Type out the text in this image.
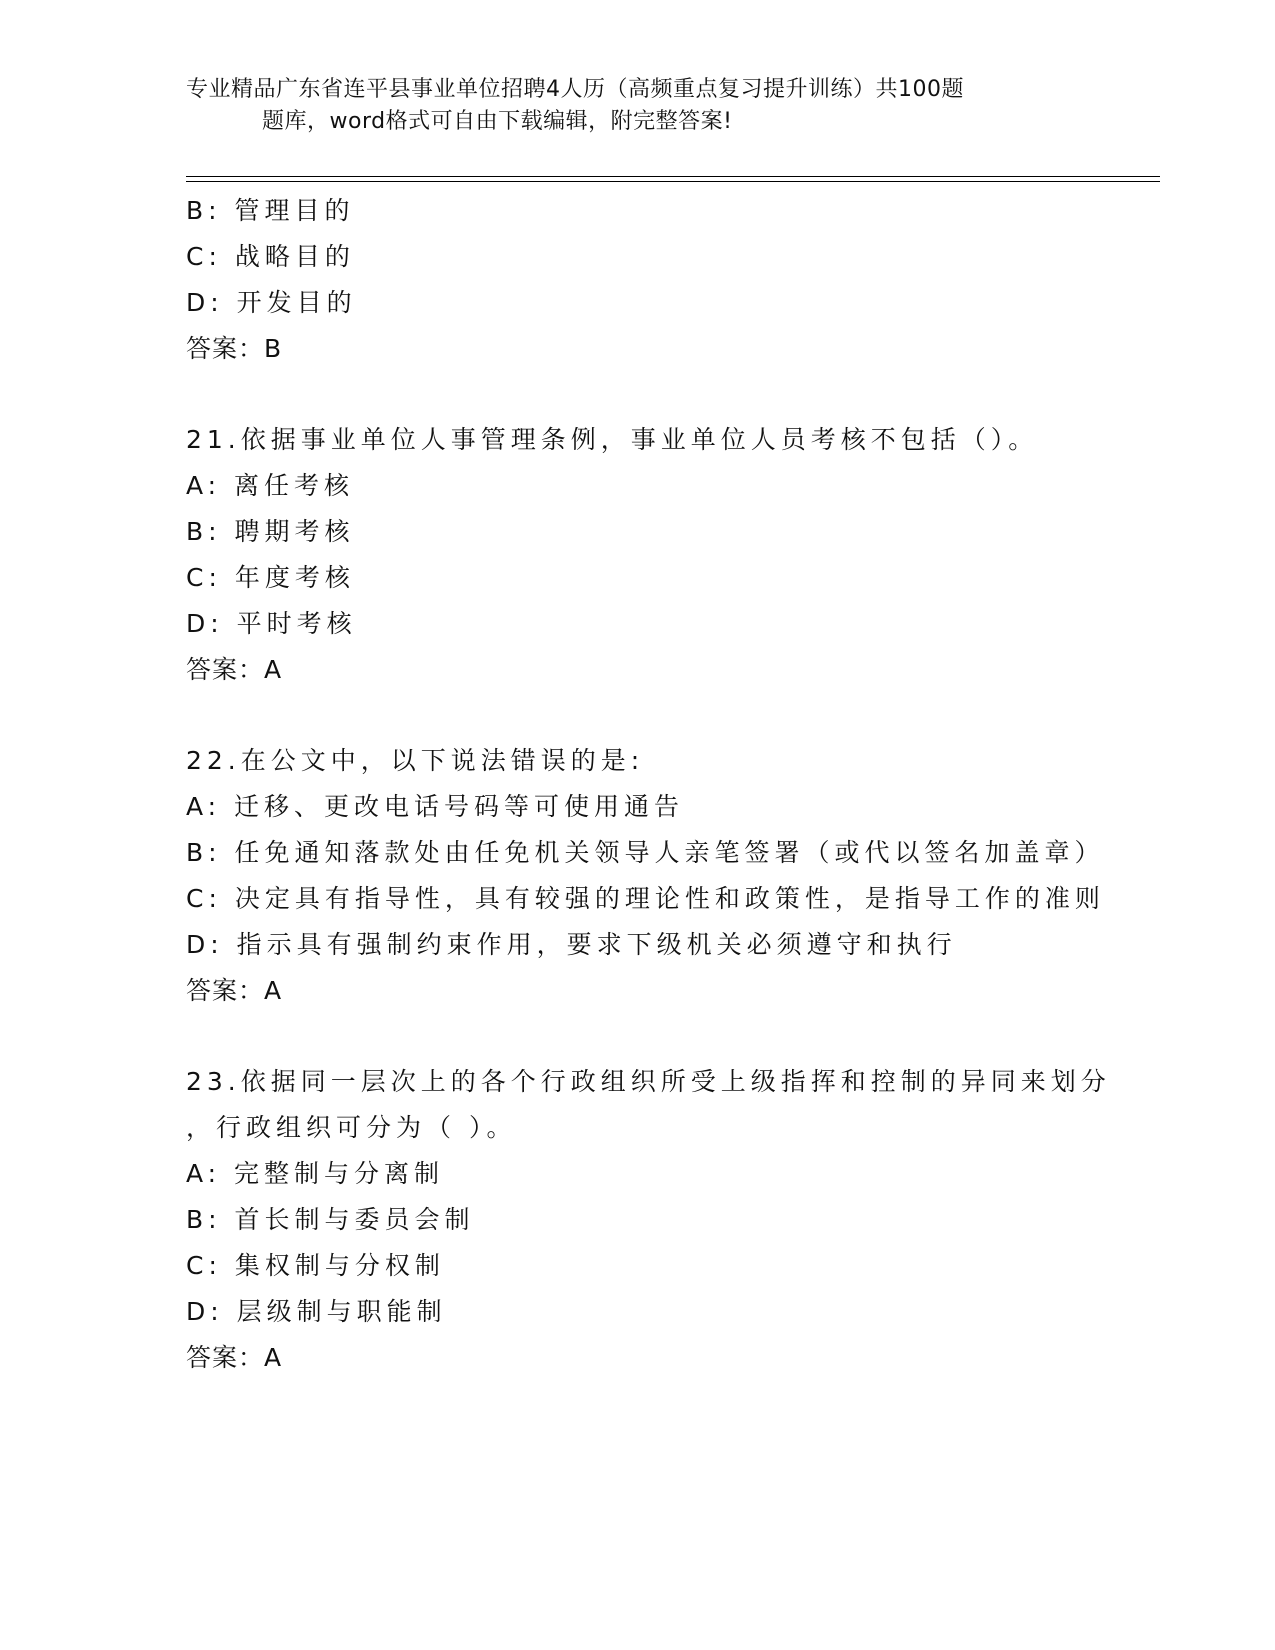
专业精品广东省连平县事业单位招聘4人历（高频重点复习提升训练）共100题
题库，word格式可自由下载编辑，附完整答案!
B: 管理目的
C: 战略目的
D: 开发目的
答案：B
21.依据事业单位人事管理条例，事业单位人员考核不包括（）。
A: 离任考核
B: 聘期考核
C: 年度考核
D: 平时考核
答案：A
22.在公文中，以下说法错误的是:
A: 迁移、更改电话号码等可使用通告
B: 任免通知落款处由任免机关领导人亲笔签署（或代以签名加盖章）
C: 决定具有指导性，具有较强的理论性和政策性，是指导工作的准则
D: 指示具有强制约束作用，要求下级机关必须遵守和执行
答案：A
23.依据同一层次上的各个行政组织所受上级指挥和控制的异同来划分
，行政组织可分为（ ）。
A: 完整制与分离制
B: 首长制与委员会制
C: 集权制与分权制
D: 层级制与职能制
答案：A
